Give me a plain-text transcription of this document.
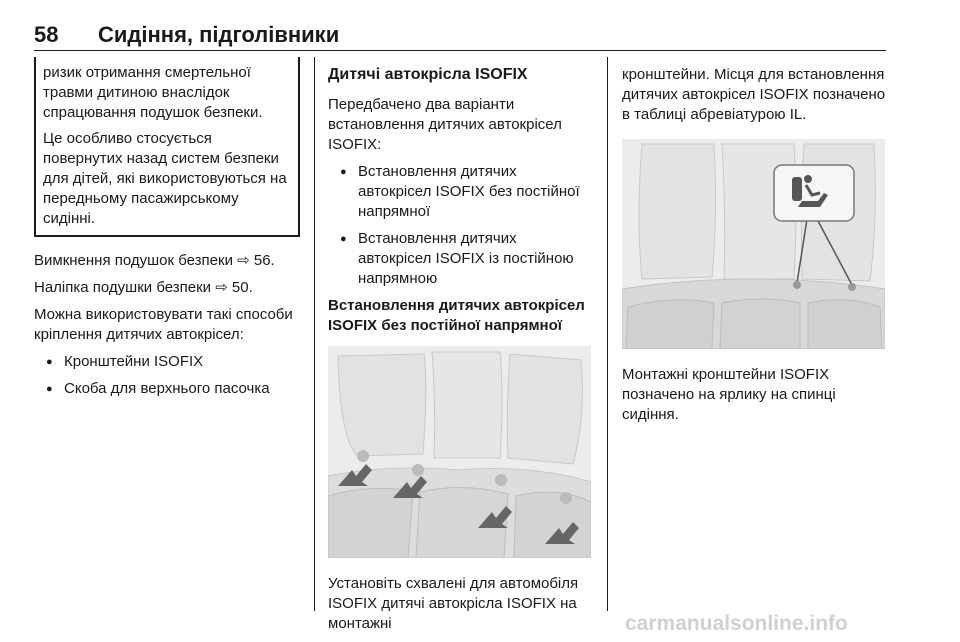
58 Сидіння, підголівники

ризик отримання смертельної травми дитиною внаслідок спрацювання подушок безпеки.

Це особливо стосується повернутих назад систем безпеки для дітей, які використовуються на передньому пасажирському сидінні.

Вимкнення подушок безпеки ⇨ 56.

Наліпка подушки безпеки ⇨ 50.

Можна використовувати такі способи кріплення дитячих автокрісел:

● Кронштейни ISOFIX
● Скоба для верхнього пасочка
Дитячі автокрісла ISOFIX

Передбачено два варіанти встановлення дитячих автокрісел ISOFIX:

● Встановлення дитячих автокрісел ISOFIX без постійної напрямної
● Встановлення дитячих автокрісел ISOFIX із постійною напрямною
Встановлення дитячих автокрісел ISOFIX без постійної напрямної

Установіть схвалені для автомобіля ISOFIX дитячі автокрісла ISOFIX на монтажні

кронштейни. Місця для встановлення дитячих автокрісел ISOFIX позначено в таблиці абревіатурою IL.

Монтажні кронштейни ISOFIX позначено на ярлику на спинці сидіння.

carmanualsonline.info
